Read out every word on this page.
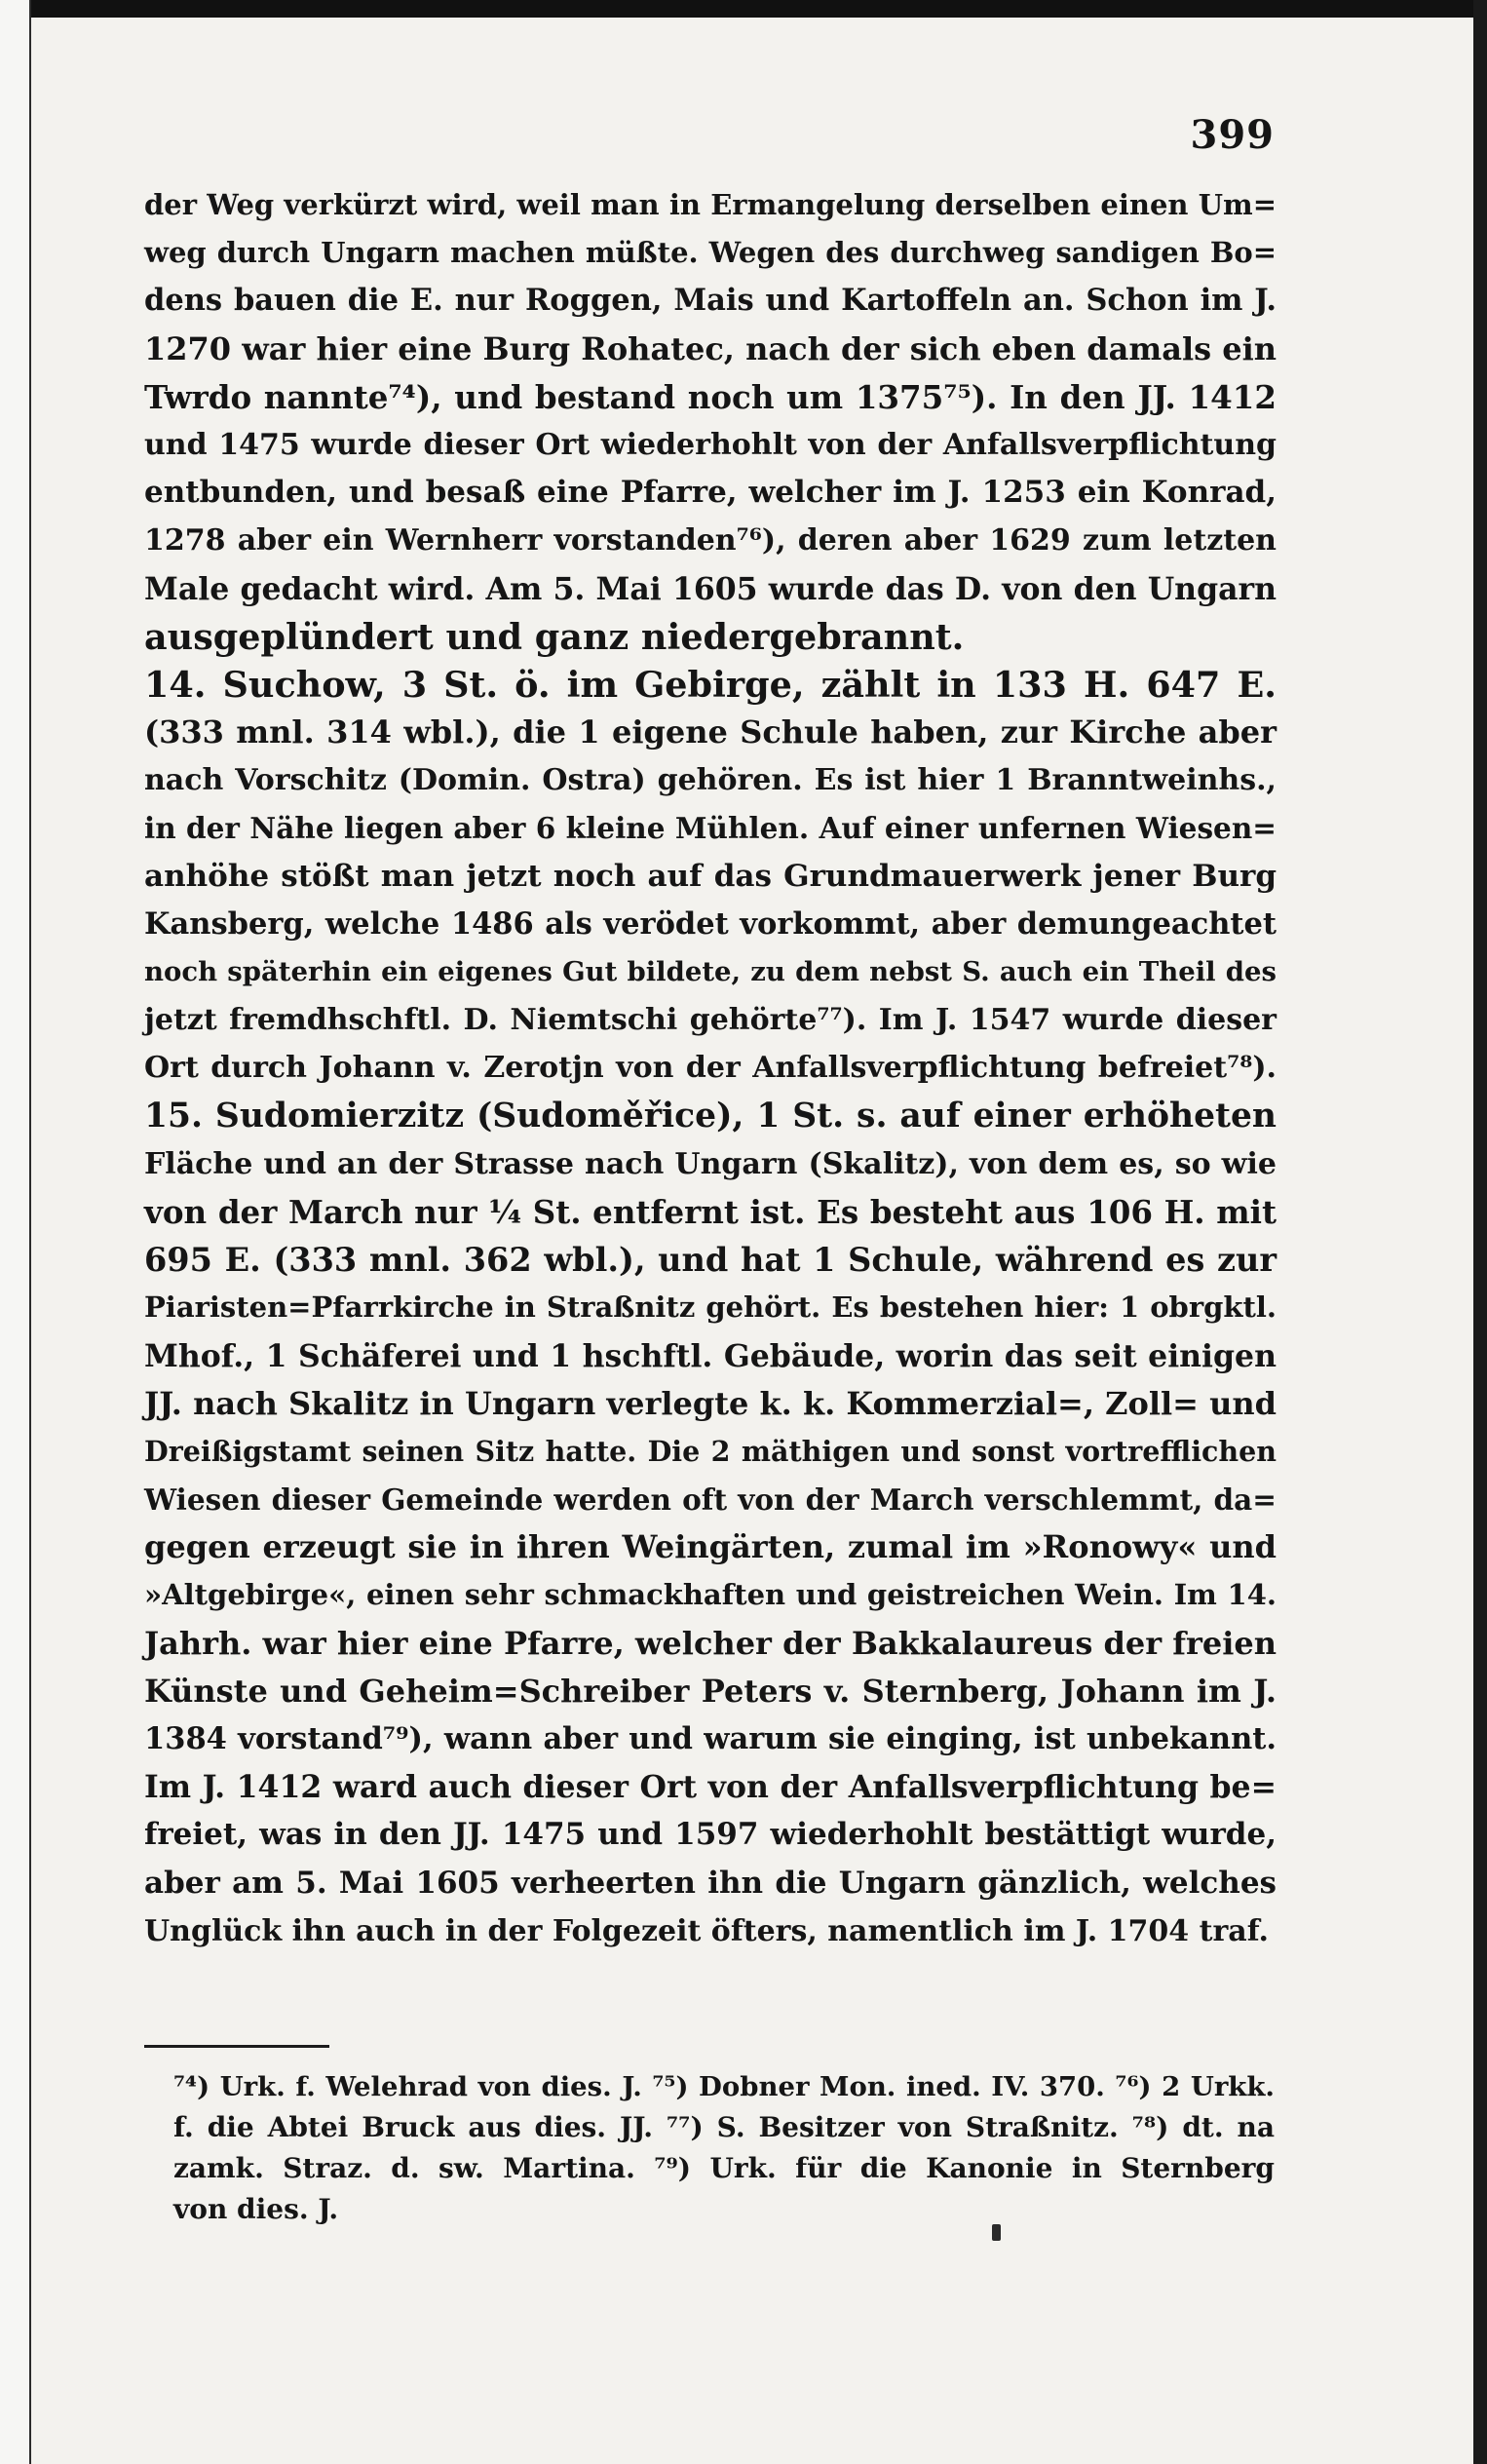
399
der Weg verkürzt wird, weil man in Ermangelung derselben einen Um=
weg durch Ungarn machen müßte. Wegen des durchweg sandigen Bo=
dens bauen die E. nur Roggen, Mais und Kartoffeln an. Schon im J.
1270 war hier eine Burg Rohatec, nach der sich eben damals ein
Twrdo nannte⁷⁴), und bestand noch um 1375⁷⁵). In den JJ. 1412
und 1475 wurde dieser Ort wiederhohlt von der Anfallsverpflichtung
entbunden, und besaß eine Pfarre, welcher im J. 1253 ein Konrad,
1278 aber ein Wernherr vorstanden⁷⁶), deren aber 1629 zum letzten
Male gedacht wird. Am 5. Mai 1605 wurde das D. von den Ungarn
ausgeplündert und ganz niedergebrannt.
14. Suchow, 3 St. ö. im Gebirge, zählt in 133 H. 647 E.
(333 mnl. 314 wbl.), die 1 eigene Schule haben, zur Kirche aber
nach Vorschitz (Domin. Ostra) gehören. Es ist hier 1 Branntweinhs.,
in der Nähe liegen aber 6 kleine Mühlen. Auf einer unfernen Wiesen=
anhöhe stößt man jetzt noch auf das Grundmauerwerk jener Burg
Kansberg, welche 1486 als verödet vorkommt, aber demungeachtet
noch späterhin ein eigenes Gut bildete, zu dem nebst S. auch ein Theil des
jetzt fremdhschftl. D. Niemtschi gehörte⁷⁷). Im J. 1547 wurde dieser
Ort durch Johann v. Zerotjn von der Anfallsverpflichtung befreiet⁷⁸).
15. Sudomierzitz (Sudoměřice), 1 St. s. auf einer erhöheten
Fläche und an der Strasse nach Ungarn (Skalitz), von dem es, so wie
von der March nur ¼ St. entfernt ist. Es besteht aus 106 H. mit
695 E. (333 mnl. 362 wbl.), und hat 1 Schule, während es zur
Piaristen=Pfarrkirche in Straßnitz gehört. Es bestehen hier: 1 obrgktl.
Mhof., 1 Schäferei und 1 hschftl. Gebäude, worin das seit einigen
JJ. nach Skalitz in Ungarn verlegte k. k. Kommerzial=, Zoll= und
Dreißigstamt seinen Sitz hatte. Die 2 mäthigen und sonst vortrefflichen
Wiesen dieser Gemeinde werden oft von der March verschlemmt, da=
gegen erzeugt sie in ihren Weingärten, zumal im »Ronowy« und
»Altgebirge«, einen sehr schmackhaften und geistreichen Wein. Im 14.
Jahrh. war hier eine Pfarre, welcher der Bakkalaureus der freien
Künste und Geheim=Schreiber Peters v. Sternberg, Johann im J.
1384 vorstand⁷⁹), wann aber und warum sie einging, ist unbekannt.
Im J. 1412 ward auch dieser Ort von der Anfallsverpflichtung be=
freiet, was in den JJ. 1475 und 1597 wiederhohlt bestättigt wurde,
aber am 5. Mai 1605 verheerten ihn die Ungarn gänzlich, welches
Unglück ihn auch in der Folgezeit öfters, namentlich im J. 1704 traf.
⁷⁴) Urk. f. Welehrad von dies. J. ⁷⁵) Dobner Mon. ined. IV. 370. ⁷⁶) 2 Urkk.
f. die Abtei Bruck aus dies. JJ. ⁷⁷) S. Besitzer von Straßnitz. ⁷⁸) dt. na
zamk. Straz. d. sw. Martina. ⁷⁹) Urk. für die Kanonie in Sternberg
von dies. J.
